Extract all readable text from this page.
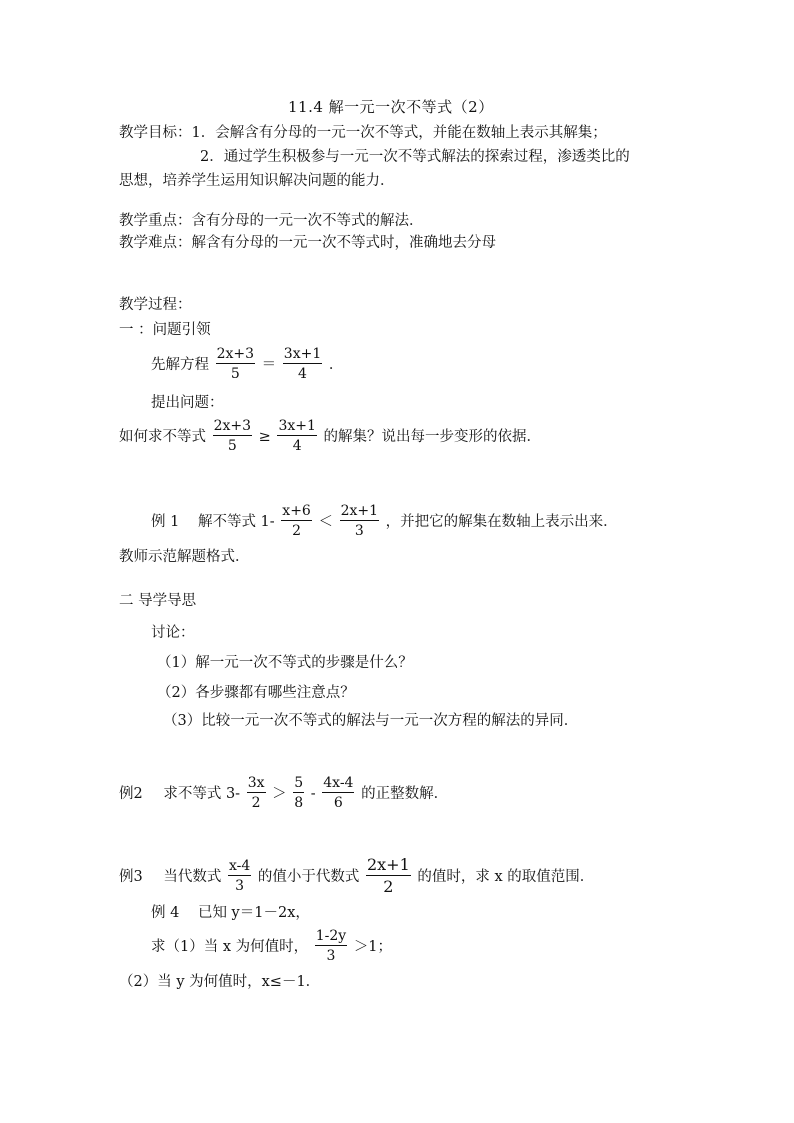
11.4 解一元一次不等式（2）
教学目标：1．会解含有分母的一元一次不等式，并能在数轴上表示其解集；
2．通过学生积极参与一元一次不等式解法的探索过程，渗透类比的
思想，培养学生运用知识解决问题的能力．
教学重点：含有分母的一元一次不等式的解法．
教学难点：解含有分母的一元一次不等式时，准确地去分母
教学过程：
一 ：问题引领
先解方程 $\frac{2x+3}{5} = \frac{3x+1}{4}$ ．
提出问题：
如何求不等式 $\frac{2x+3}{5} \ge \frac{3x+1}{4}$ 的解集？说出每一步变形的依据．
例 1 解不等式 $1- \frac{x+6}{2} < \frac{2x+1}{3}$ ，并把它的解集在数轴上表示出来．
教师示范解题格式．
二 导学导思
讨论：
（1）解一元一次不等式的步骤是什么？
（2）各步骤都有哪些注意点？
（3）比较一元一次不等式的解法与一元一次方程的解法的异同．
例2 求不等式 $3- \frac{3x}{2} > \frac{5}{8} - \frac{4x-4}{6}$ 的正整数解．
例3 当代数式 $\frac{x-4}{3}$ 的值小于代数式 $\frac{2x+1}{2}$ 的值时，求 x 的取值范围．
例 4 已知 y＝1－2x，
求（1）当 x 为何值时， $\frac{1-2y}{3} >1$；
（2）当 y 为何值时，x≤－1．
